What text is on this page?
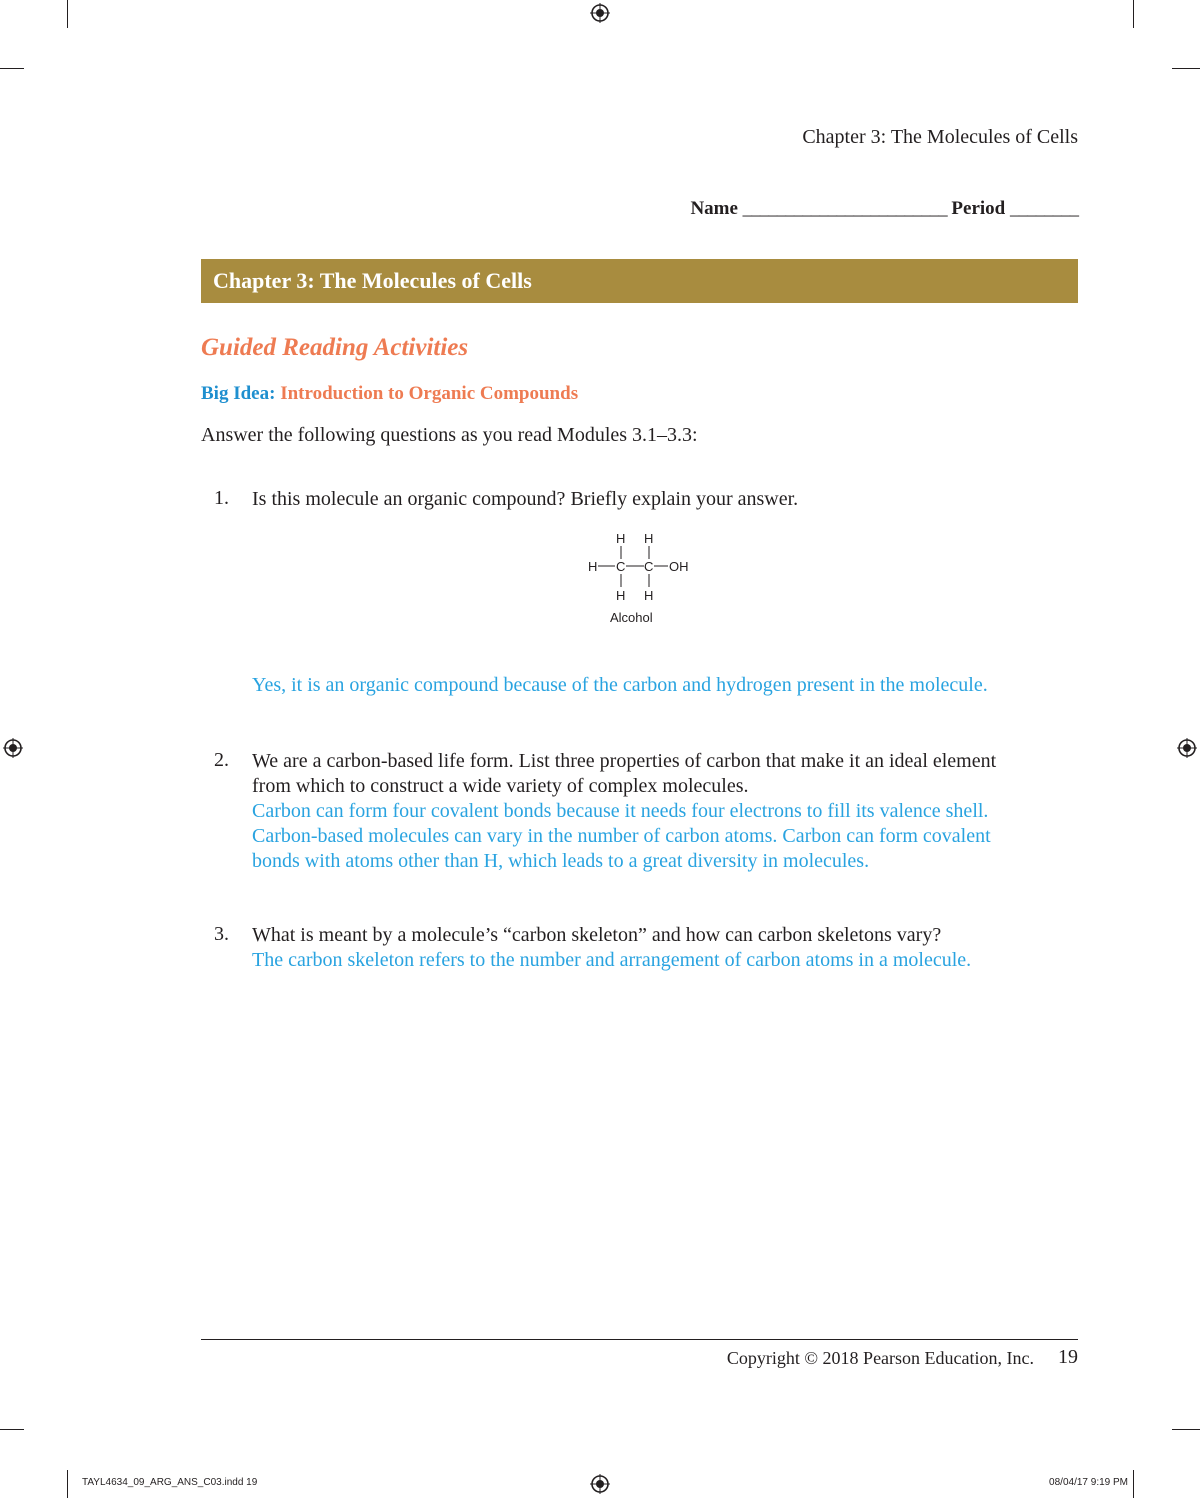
Chapter 3: The Molecules of Cells
Name ________________________ Period ________
Chapter 3: The Molecules of Cells
Guided Reading Activities
Big Idea: Introduction to Organic Compounds
Answer the following questions as you read Modules 3.1–3.3:
1. Is this molecule an organic compound? Briefly explain your answer.
H H
H C C OH
H H
Alcohol
Yes, it is an organic compound because of the carbon and hydrogen present in the molecule.
2. We are a carbon-based life form. List three properties of carbon that make it an ideal element
from which to construct a wide variety of complex molecules.
Carbon can form four covalent bonds because it needs four electrons to fill its valence shell.
Carbon-based molecules can vary in the number of carbon atoms. Carbon can form covalent
bonds with atoms other than H, which leads to a great diversity in molecules.
3. What is meant by a molecule’s “carbon skeleton” and how can carbon skeletons vary?
The carbon skeleton refers to the number and arrangement of carbon atoms in a molecule.
Copyright © 2018 Pearson Education, Inc. 19
TAYL4634_09_ARG_ANS_C03.indd 19	08/04/17 9:19 PM
